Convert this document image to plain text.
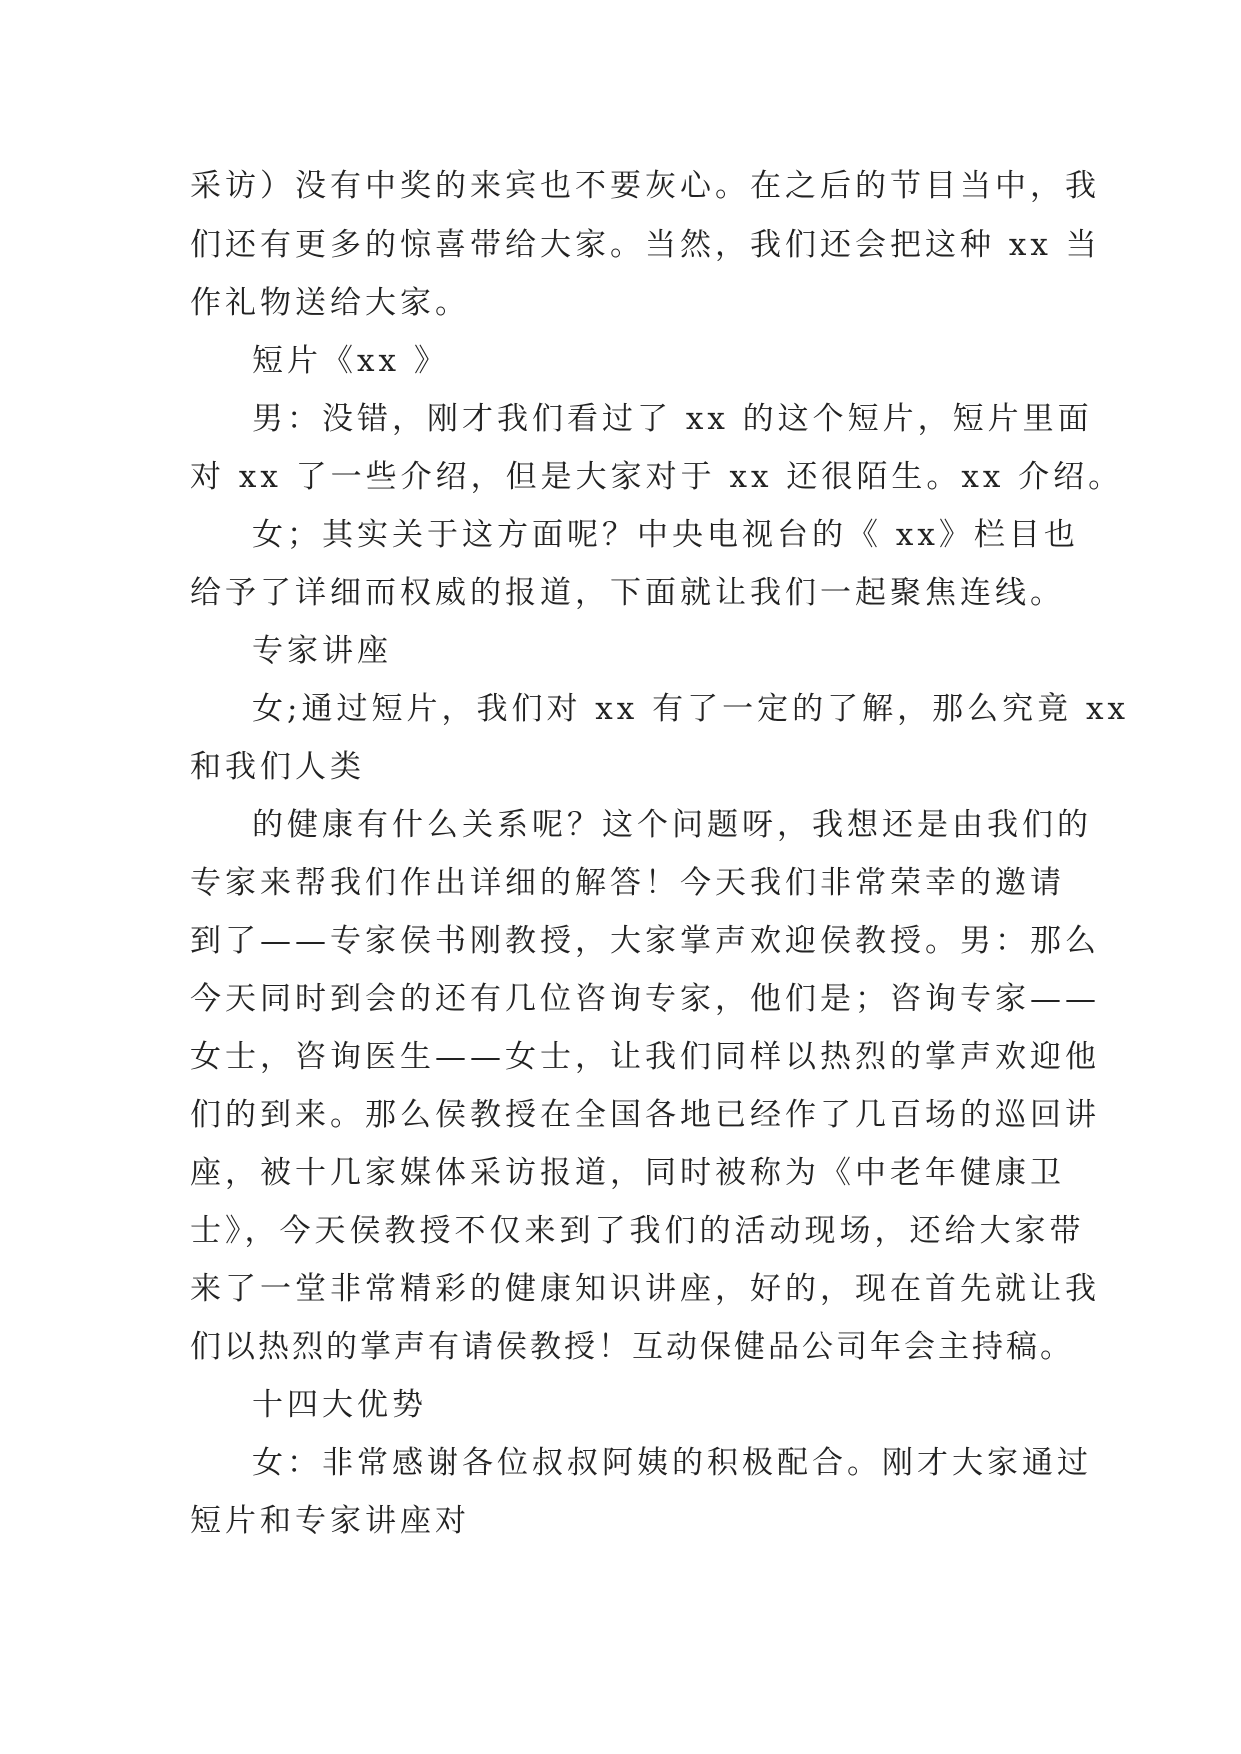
采访）没有中奖的来宾也不要灰心。在之后的节目当中，我
们还有更多的惊喜带给大家。当然，我们还会把这种 xx 当
作礼物送给大家。
短片《xx 》
男：没错，刚才我们看过了 xx 的这个短片，短片里面
对 xx 了一些介绍，但是大家对于 xx 还很陌生。xx 介绍。
女；其实关于这方面呢？中央电视台的《 xx》栏目也
给予了详细而权威的报道，下面就让我们一起聚焦连线。
专家讲座
女;通过短片，我们对 xx 有了一定的了解，那么究竟 xx
和我们人类
的健康有什么关系呢？这个问题呀，我想还是由我们的
专家来帮我们作出详细的解答！今天我们非常荣幸的邀请
到了——专家侯书刚教授，大家掌声欢迎侯教授。男：那么
今天同时到会的还有几位咨询专家，他们是；咨询专家——
女士，咨询医生——女士，让我们同样以热烈的掌声欢迎他
们的到来。那么侯教授在全国各地已经作了几百场的巡回讲
座，被十几家媒体采访报道，同时被称为《中老年健康卫
士》，今天侯教授不仅来到了我们的活动现场，还给大家带
来了一堂非常精彩的健康知识讲座，好的，现在首先就让我
们以热烈的掌声有请侯教授！互动保健品公司年会主持稿。
十四大优势
女：非常感谢各位叔叔阿姨的积极配合。刚才大家通过
短片和专家讲座对
